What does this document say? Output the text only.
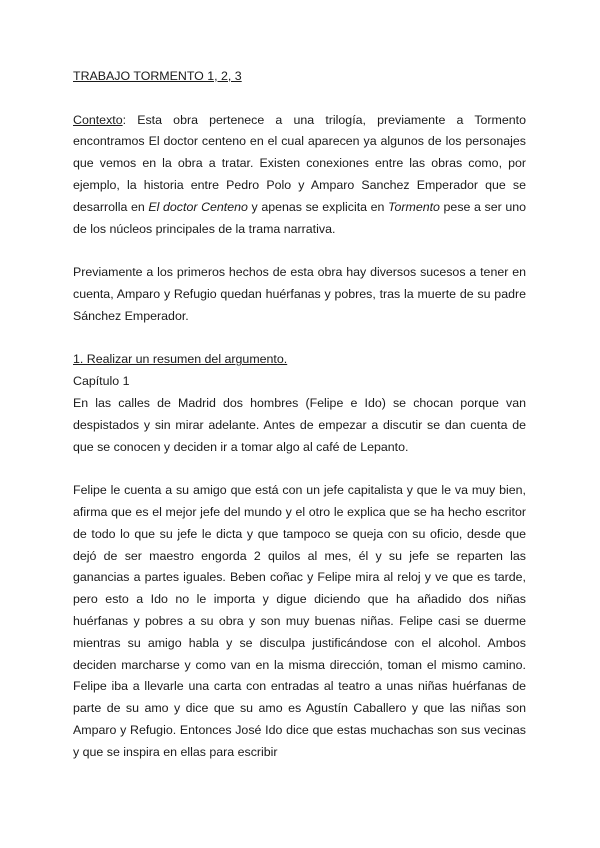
TRABAJO TORMENTO 1, 2, 3

Contexto: Esta obra pertenece a una trilogía, previamente a Tormento encontramos El doctor centeno en el cual aparecen ya algunos de los personajes que vemos en la obra a tratar. Existen conexiones entre las obras como, por ejemplo, la historia entre Pedro Polo y Amparo Sanchez Emperador que se desarrolla en El doctor Centeno y apenas se explicita en Tormento pese a ser uno de los núcleos principales de la trama narrativa.

Previamente a los primeros hechos de esta obra hay diversos sucesos a tener en cuenta, Amparo y Refugio quedan huérfanas y pobres, tras la muerte de su padre Sánchez Emperador.

1. Realizar un resumen del argumento.

Capítulo 1

En las calles de Madrid dos hombres (Felipe e Ido) se chocan porque van despistados y sin mirar adelante. Antes de empezar a discutir se dan cuenta de que se conocen y deciden ir a tomar algo al café de Lepanto.

Felipe le cuenta a su amigo que está con un jefe capitalista y que le va muy bien, afirma que es el mejor jefe del mundo y el otro le explica que se ha hecho escritor de todo lo que su jefe le dicta y que tampoco se queja con su oficio, desde que dejó de ser maestro engorda 2 quilos al mes, él y su jefe se reparten las ganancias a partes iguales. Beben coñac y Felipe mira al reloj y ve que es tarde, pero esto a Ido no le importa y digue diciendo que ha añadido dos niñas huérfanas y pobres a su obra y son muy buenas niñas. Felipe casi se duerme mientras su amigo habla y se disculpa justificándose con el alcohol. Ambos deciden marcharse y como van en la misma dirección, toman el mismo camino. Felipe iba a llevarle una carta con entradas al teatro a unas niñas huérfanas de parte de su amo y dice que su amo es Agustín Caballero y que las niñas son Amparo y Refugio. Entonces José Ido dice que estas muchachas son sus vecinas y que se inspira en ellas para escribir
